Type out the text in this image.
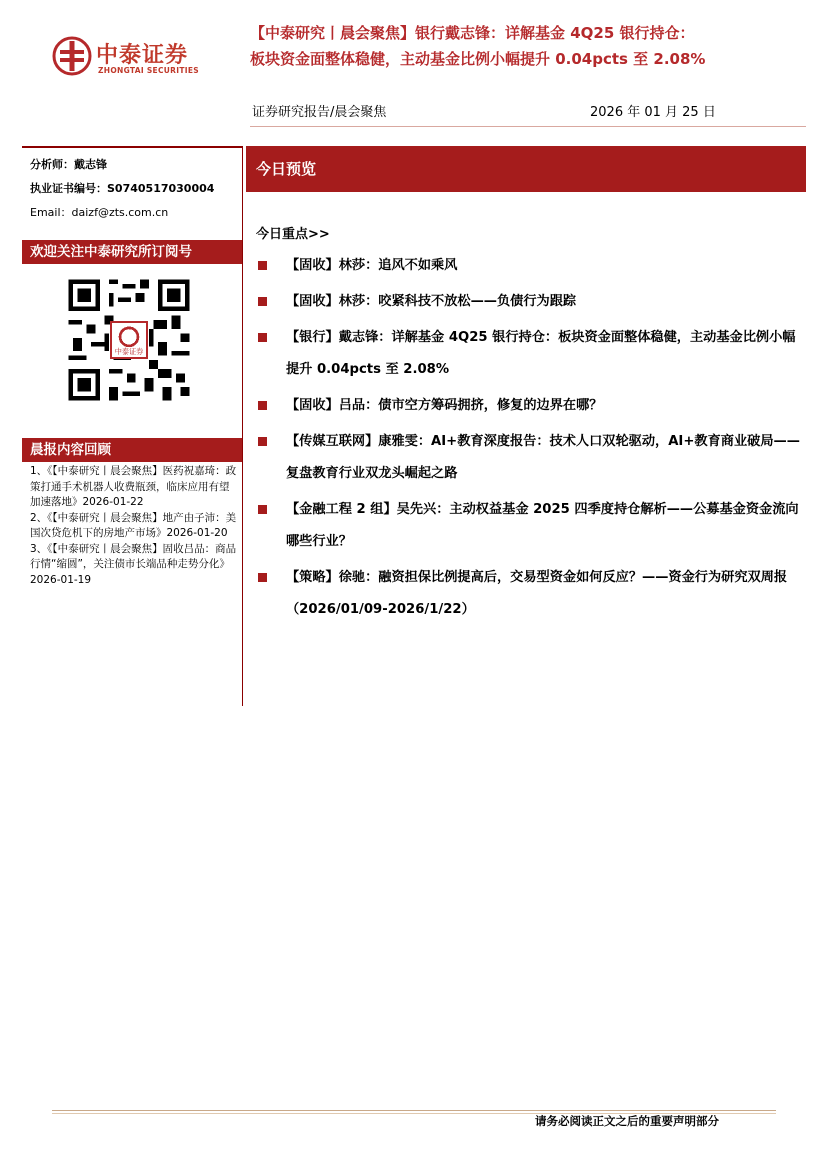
中泰证券
ZHONGTAI SECURITIES
【中泰研究丨晨会聚焦】银行戴志锋：详解基金 4Q25 银行持仓：
板块资金面整体稳健，主动基金比例小幅提升 0.04pcts 至 2.08%
证券研究报告/晨会聚焦	2026 年 01 月 25 日
分析师：戴志锋
执业证书编号：S0740517030004
Email：daizf@zts.com.cn
欢迎关注中泰研究所订阅号
中泰证券
晨报内容回顾
1、《【中泰研究丨晨会聚焦】医药祝嘉琦：政策打通手术机器人收费瓶颈，临床应用有望加速落地》2026-01-22
2、《【中泰研究丨晨会聚焦】地产由子沛：美国次贷危机下的房地产市场》2026-01-20
3、《【中泰研究丨晨会聚焦】固收吕品：商品行情“缩圆”，关注债市长端品种走势分化》2026-01-19
今日预览
今日重点>>
【固收】林莎：追风不如乘风
【固收】林莎：咬紧科技不放松——负债行为跟踪
【银行】戴志锋：详解基金 4Q25 银行持仓：板块资金面整体稳健，主动基金比例小幅提升 0.04pcts 至 2.08%
【固收】吕品：债市空方筹码拥挤，修复的边界在哪？
【传媒互联网】康雅雯：AI+教育深度报告：技术人口双轮驱动，AI+教育商业破局——复盘教育行业双龙头崛起之路
【金融工程 2 组】吴先兴：主动权益基金 2025 四季度持仓解析——公募基金资金流向哪些行业？
【策略】徐驰：融资担保比例提高后，交易型资金如何反应？——资金行为研究双周报（2026/01/09-2026/1/22）
请务必阅读正文之后的重要声明部分
